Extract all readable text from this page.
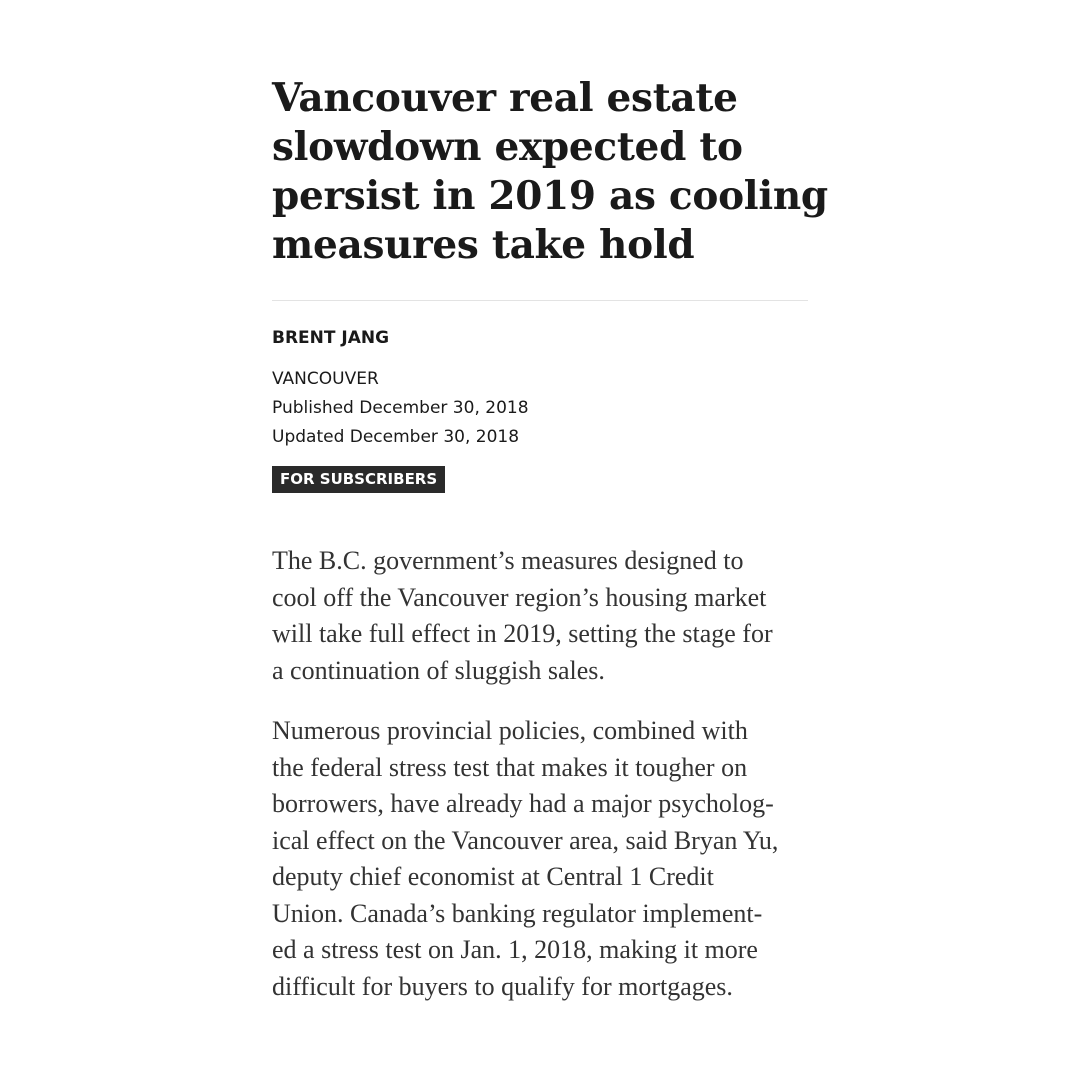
Vancouver real estate
slowdown expected to
persist in 2019 as cooling
measures take hold
BRENT JANG
VANCOUVER
Published December 30, 2018
Updated December 30, 2018
FOR SUBSCRIBERS

The B.C. government’s measures designed to
cool off the Vancouver region’s housing market
will take full effect in 2019, setting the stage for
a continuation of sluggish sales.

Numerous provincial policies, combined with
the federal stress test that makes it tougher on
borrowers, have already had a major psycholog-
ical effect on the Vancouver area, said Bryan Yu,
deputy chief economist at Central 1 Credit
Union. Canada’s banking regulator implement-
ed a stress test on Jan. 1, 2018, making it more
difficult for buyers to qualify for mortgages.
